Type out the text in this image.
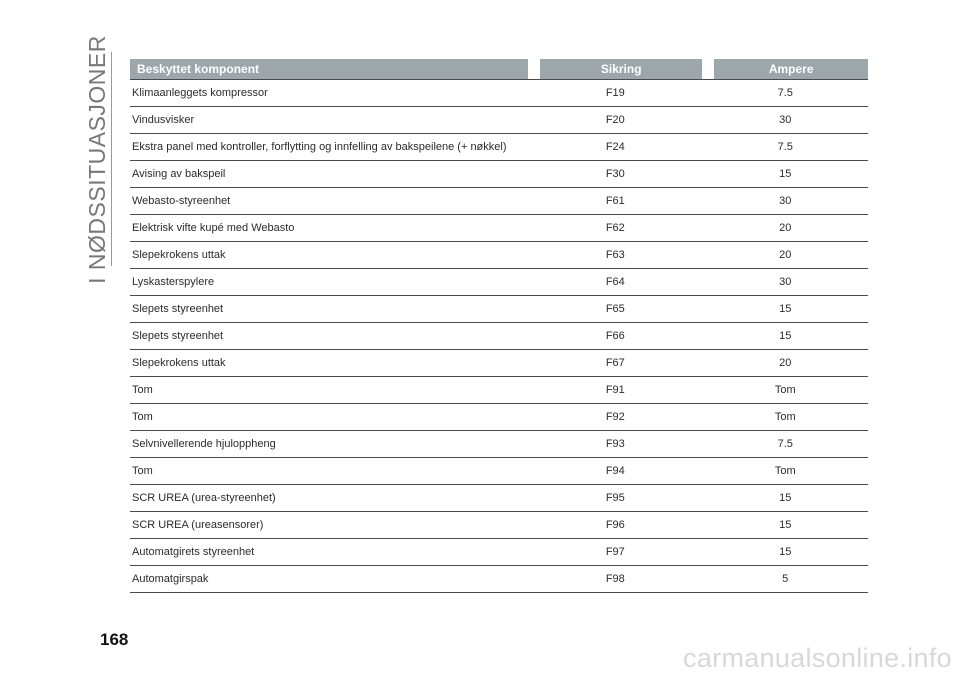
I NØDSSITUASJONER Beskyttet komponent		Sikring		Ampere
Klimaanleggets kompressor	F19		7.5	
Vindusvisker	F20		30	
Ekstra panel med kontroller, forflytting og innfelling av bakspeilene (+ nøkkel)	F24		7.5	
Avising av bakspeil	F30		15	
Webasto-styreenhet	F61		30	
Elektrisk vifte kupé med Webasto	F62		20	
Slepekrokens uttak	F63		20	
Lyskasterspylere	F64		30	
Slepets styreenhet	F65		15	
Slepets styreenhet	F66		15	
Slepekrokens uttak	F67		20	
Tom	F91		Tom	
Tom	F92		Tom	
Selvnivellerende hjuloppheng	F93		7.5	
Tom	F94		Tom	
SCR UREA (urea-styreenhet)	F95		15	
SCR UREA (ureasensorer)	F96		15	
Automatgirets styreenhet	F97		15	
Automatgirspak	F98		5	
168
carmanualsonline.info
